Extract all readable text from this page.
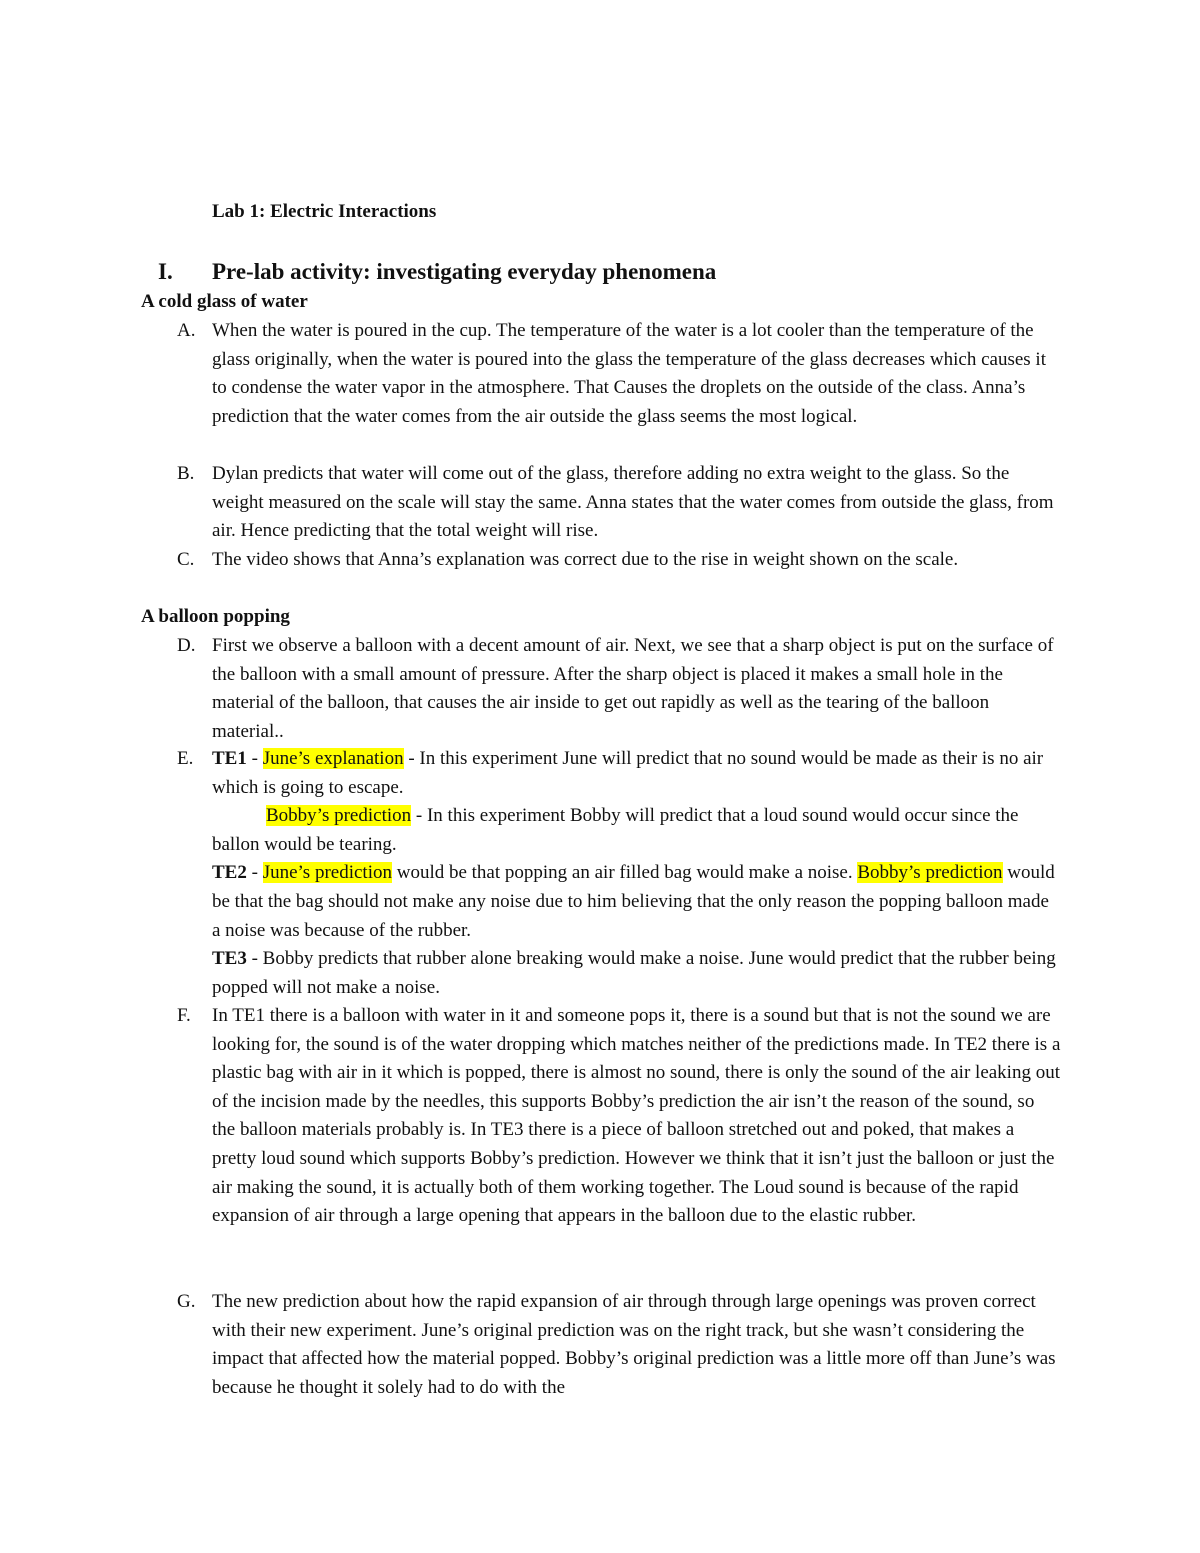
Lab 1: Electric Interactions

I. Pre-lab activity: investigating everyday phenomena

A cold glass of water

A. When the water is poured in the cup. The temperature of the water is a lot cooler than the temperature of the glass originally, when the water is poured into the glass the temperature of the glass decreases which causes it to condense the water vapor in the atmosphere. That Causes the droplets on the outside of the class. Anna’s prediction that the water comes from the air outside the glass seems the most logical.
B. Dylan predicts that water will come out of the glass, therefore adding no extra weight to the glass. So the weight measured on the scale will stay the same. Anna states that the water comes from outside the glass, from air. Hence predicting that the total weight will rise.
C. The video shows that Anna’s explanation was correct due to the rise in weight shown on the scale.

A balloon popping

D. First we observe a balloon with a decent amount of air. Next, we see that a sharp object is put on the surface of the balloon with a small amount of pressure. After the sharp object is placed it makes a small hole in the material of the balloon, that causes the air inside to get out rapidly as well as the tearing of the balloon material..
E. TE1 - June’s explanation - In this experiment June will predict that no sound would be made as their is no air which is going to escape.

Bobby’s prediction - In this experiment Bobby will predict that a loud sound would occur since the ballon would be tearing.

TE2 - June’s prediction would be that popping an air filled bag would make a noise. Bobby’s prediction would be that the bag should not make any noise due to him believing that the only reason the popping balloon made a noise was because of the rubber.

TE3 - Bobby predicts that rubber alone breaking would make a noise. June would predict that the rubber being popped will not make a noise.

F. In TE1 there is a balloon with water in it and someone pops it, there is a sound but that is not the sound we are looking for, the sound is of the water dropping which matches neither of the predictions made. In TE2 there is a plastic bag with air in it which is popped, there is almost no sound, there is only the sound of the air leaking out of the incision made by the needles, this supports Bobby’s prediction the air isn’t the reason of the sound, so the balloon materials probably is. In TE3 there is a piece of balloon stretched out and poked, that makes a pretty loud sound which supports Bobby’s prediction. However we think that it isn’t just the balloon or just the air making the sound, it is actually both of them working together. The Loud sound is because of the rapid expansion of air through a large opening that appears in the balloon due to the elastic rubber.
G. The new prediction about how the rapid expansion of air through through large openings was proven correct with their new experiment. June’s original prediction was on the right track, but she wasn’t considering the impact that affected how the material popped. Bobby’s original prediction was a little more off than June’s was because he thought it solely had to do with the
